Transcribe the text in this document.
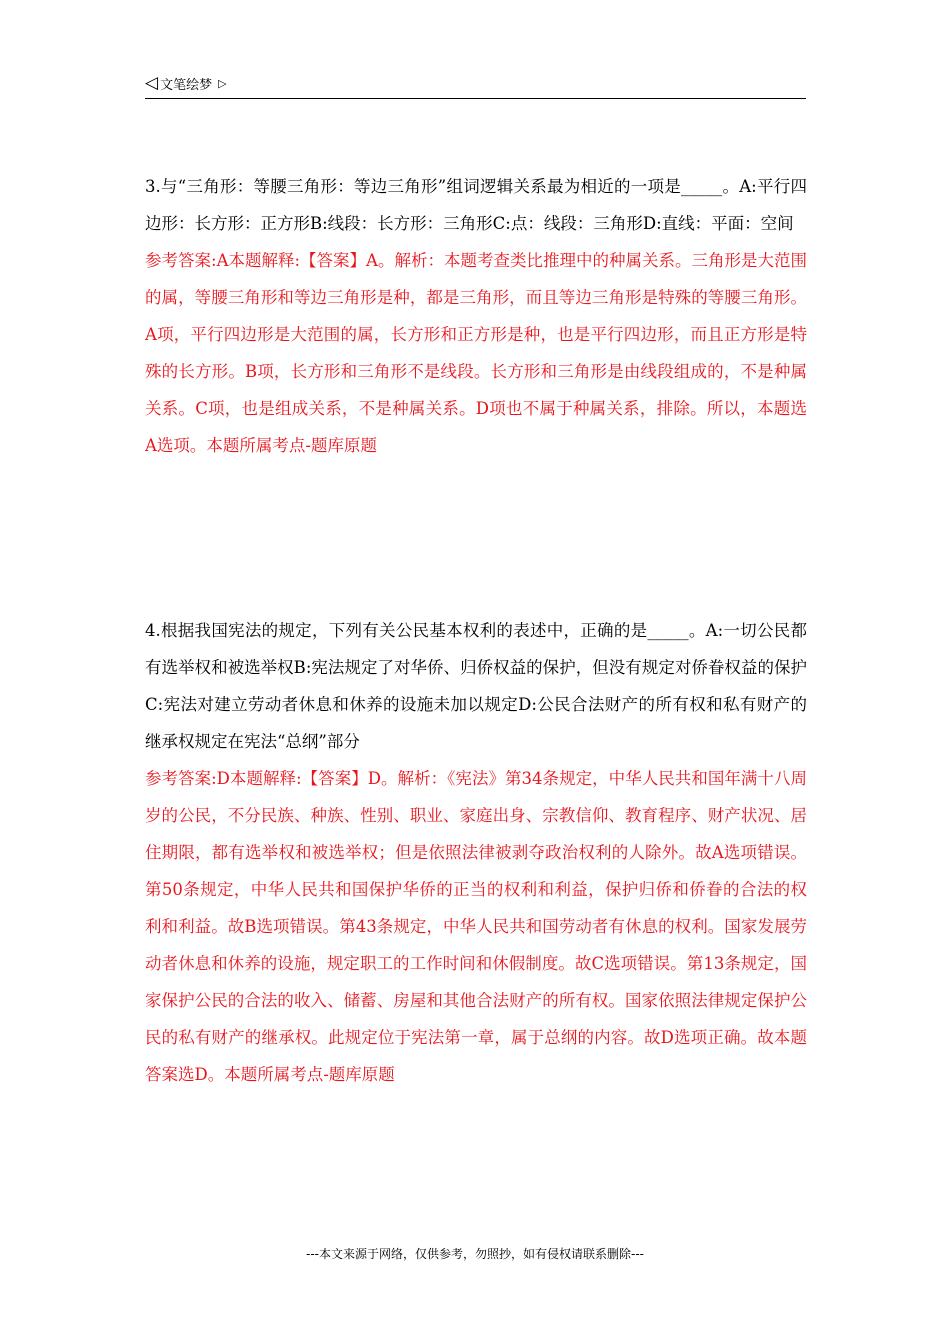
◁ 文笔绘梦 ▷

3.与“三角形：等腰三角形：等边三角形”组词逻辑关系最为相近的一项是_____。A:平行四边形：长方形：正方形B:线段：长方形：三角形C:点：线段：三角形D:直线：平面：空间

参考答案:A本题解释:【答案】A。解析：本题考查类比推理中的种属关系。三角形是大范围的属，等腰三角形和等边三角形是种，都是三角形，而且等边三角形是特殊的等腰三角形。A项，平行四边形是大范围的属，长方形和正方形是种，也是平行四边形，而且正方形是特殊的长方形。B项，长方形和三角形不是线段。长方形和三角形是由线段组成的，不是种属关系。C项，也是组成关系，不是种属关系。D项也不属于种属关系，排除。所以，本题选A选项。本题所属考点-题库原题

4.根据我国宪法的规定，下列有关公民基本权利的表述中，正确的是_____。A:一切公民都有选举权和被选举权B:宪法规定了对华侨、归侨权益的保护，但没有规定对侨眷权益的保护C:宪法对建立劳动者休息和休养的设施未加以规定D:公民合法财产的所有权和私有财产的继承权规定在宪法“总纲”部分

参考答案:D本题解释:【答案】D。解析：《宪法》第34条规定，中华人民共和国年满十八周岁的公民，不分民族、种族、性别、职业、家庭出身、宗教信仰、教育程序、财产状况、居住期限，都有选举权和被选举权；但是依照法律被剥夺政治权利的人除外。故A选项错误。第50条规定，中华人民共和国保护华侨的正当的权利和利益，保护归侨和侨眷的合法的权利和利益。故B选项错误。第43条规定，中华人民共和国劳动者有休息的权利。国家发展劳动者休息和休养的设施，规定职工的工作时间和休假制度。故C选项错误。第13条规定，国家保护公民的合法的收入、储蓄、房屋和其他合法财产的所有权。国家依照法律规定保护公民的私有财产的继承权。此规定位于宪法第一章，属于总纲的内容。故D选项正确。故本题答案选D。本题所属考点-题库原题

---本文来源于网络，仅供参考，勿照抄，如有侵权请联系删除---
